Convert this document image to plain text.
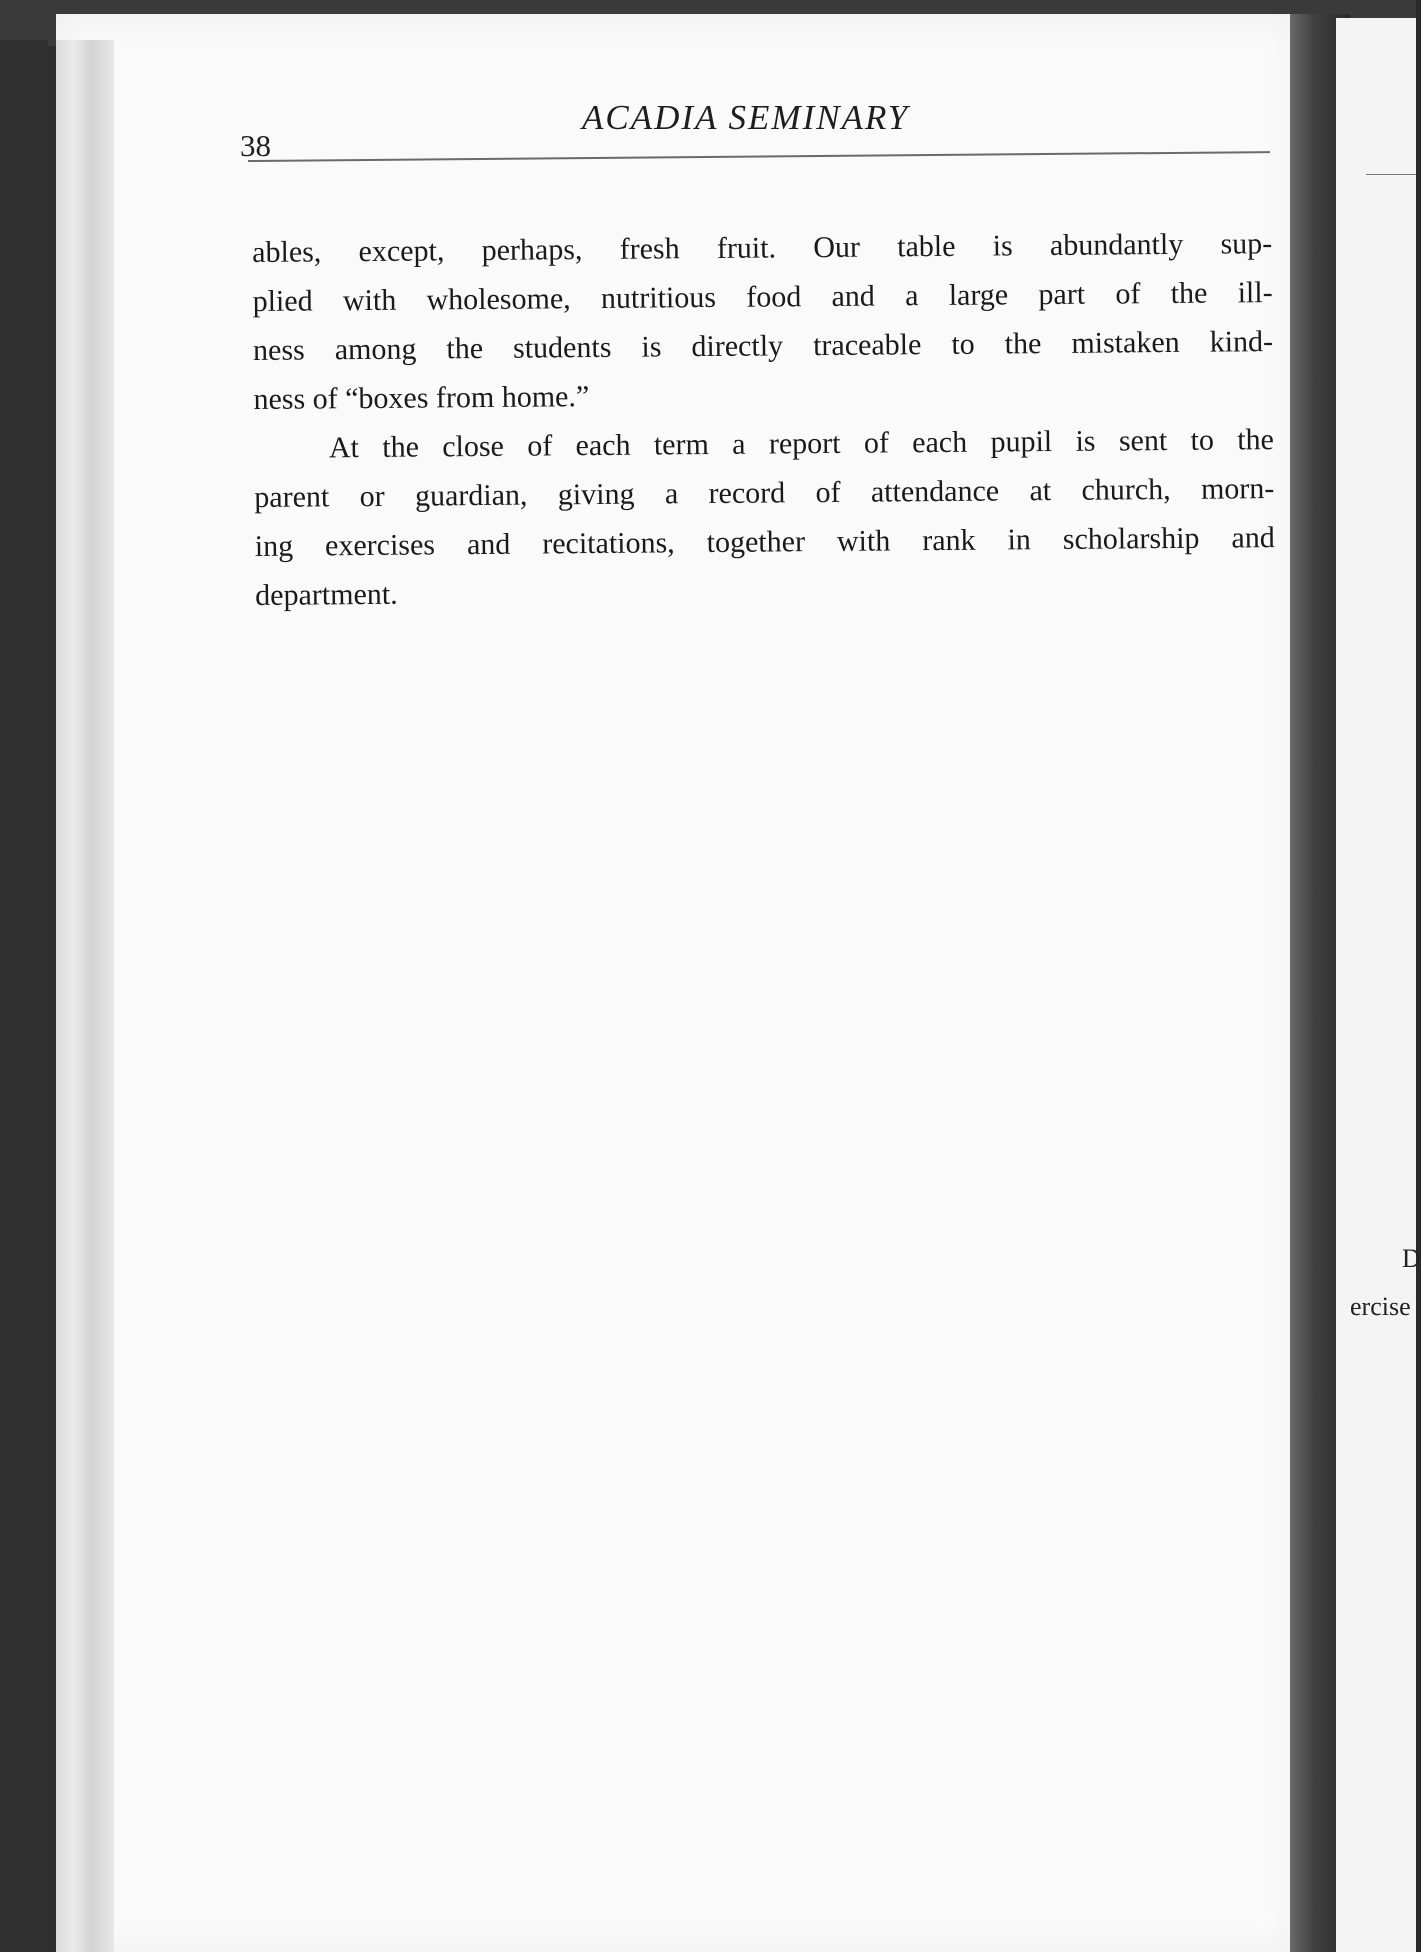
38
ACADIA SEMINARY
ables, except, perhaps, fresh fruit. Our table is abundantly sup-
plied with wholesome, nutritious food and a large part of the ill-
ness among the students is directly traceable to the mistaken kind-
ness of “boxes from home.”
At the close of each term a report of each pupil is sent to the
parent or guardian, giving a record of attendance at church, morn-
ing exercises and recitations, together with rank in scholarship and
department.
D
ercise
